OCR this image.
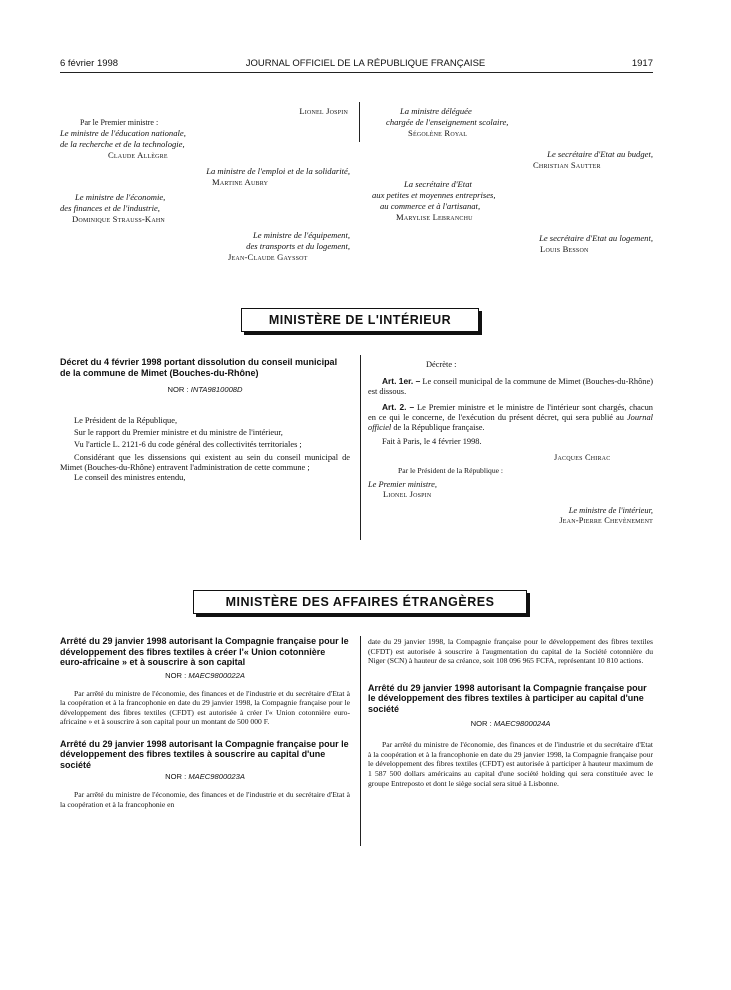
6 février 1998	JOURNAL OFFICIEL DE LA RÉPUBLIQUE FRANÇAISE	1917
Lionel Jospin
Par le Premier ministre :
Le ministre de l'éducation nationale,
de la recherche et de la technologie,
Claude Allègre
La ministre de l'emploi et de la solidarité,
Martine Aubry
Le ministre de l'économie,
des finances et de l'industrie,
Dominique Strauss-Kahn
Le ministre de l'équipement,
des transports et du logement,
Jean-Claude Gayssot
La ministre déléguée
chargée de l'enseignement scolaire,
Ségolène Royal
Le secrétaire d'Etat au budget,
Christian Sautter
La secrétaire d'Etat
aux petites et moyennes entreprises,
au commerce et à l'artisanat,
Marylise Lebranchu
Le secrétaire d'Etat au logement,
Louis Besson
MINISTÈRE DE L'INTÉRIEUR
Décret du 4 février 1998 portant dissolution du conseil municipal de la commune de Mimet (Bouches-du-Rhône)
NOR : INTA9810008D

Le Président de la République,

Sur le rapport du Premier ministre et du ministre de l'intérieur,

Vu l'article L. 2121-6 du code général des collectivités territoriales ;

Considérant que les dissensions qui existent au sein du conseil municipal de Mimet (Bouches-du-Rhône) entravent l'administration de cette commune ;

Le conseil des ministres entendu,

Décrète :

Art. 1er. – Le conseil municipal de la commune de Mimet (Bouches-du-Rhône) est dissous.

Art. 2. – Le Premier ministre et le ministre de l'intérieur sont chargés, chacun en ce qui le concerne, de l'exécution du présent décret, qui sera publié au Journal officiel de la République française.

Fait à Paris, le 4 février 1998.

Jacques Chirac
Par le Président de la République :
Le Premier ministre,
Lionel Jospin
Le ministre de l'intérieur,
Jean-Pierre Chevènement
MINISTÈRE DES AFFAIRES ÉTRANGÈRES
Arrêté du 29 janvier 1998 autorisant la Compagnie française pour le développement des fibres textiles à créer l'« Union cotonnière euro-africaine » et à souscrire à son capital
NOR : MAEC9800022A

Par arrêté du ministre de l'économie, des finances et de l'industrie et du secrétaire d'Etat à la coopération et à la francophonie en date du 29 janvier 1998, la Compagnie française pour le développement des fibres textiles (CFDT) est autorisée à créer l'« Union cotonnière euro-africaine » et à souscrire à son capital pour un montant de 500 000 F.

Arrêté du 29 janvier 1998 autorisant la Compagnie française pour le développement des fibres textiles à souscrire au capital d'une société
NOR : MAEC9800023A

Par arrêté du ministre de l'économie, des finances et de l'industrie et du secrétaire d'Etat à la coopération et à la francophonie en

date du 29 janvier 1998, la Compagnie française pour le développement des fibres textiles (CFDT) est autorisée à souscrire à l'augmentation du capital de la Société cotonnière du Niger (SCN) à hauteur de sa créance, soit 108 096 965 FCFA, représentant 10 810 actions.
Arrêté du 29 janvier 1998 autorisant la Compagnie française pour le développement des fibres textiles à participer au capital d'une société
NOR : MAEC9800024A

Par arrêté du ministre de l'économie, des finances et de l'industrie et du secrétaire d'Etat à la coopération et à la francophonie en date du 29 janvier 1998, la Compagnie française pour le développement des fibres textiles (CFDT) est autorisée à participer à hauteur maximum de 1 587 500 dollars américains au capital d'une société holding qui sera constituée avec le groupe Entreposto et dont le siège social sera situé à Lisbonne.
